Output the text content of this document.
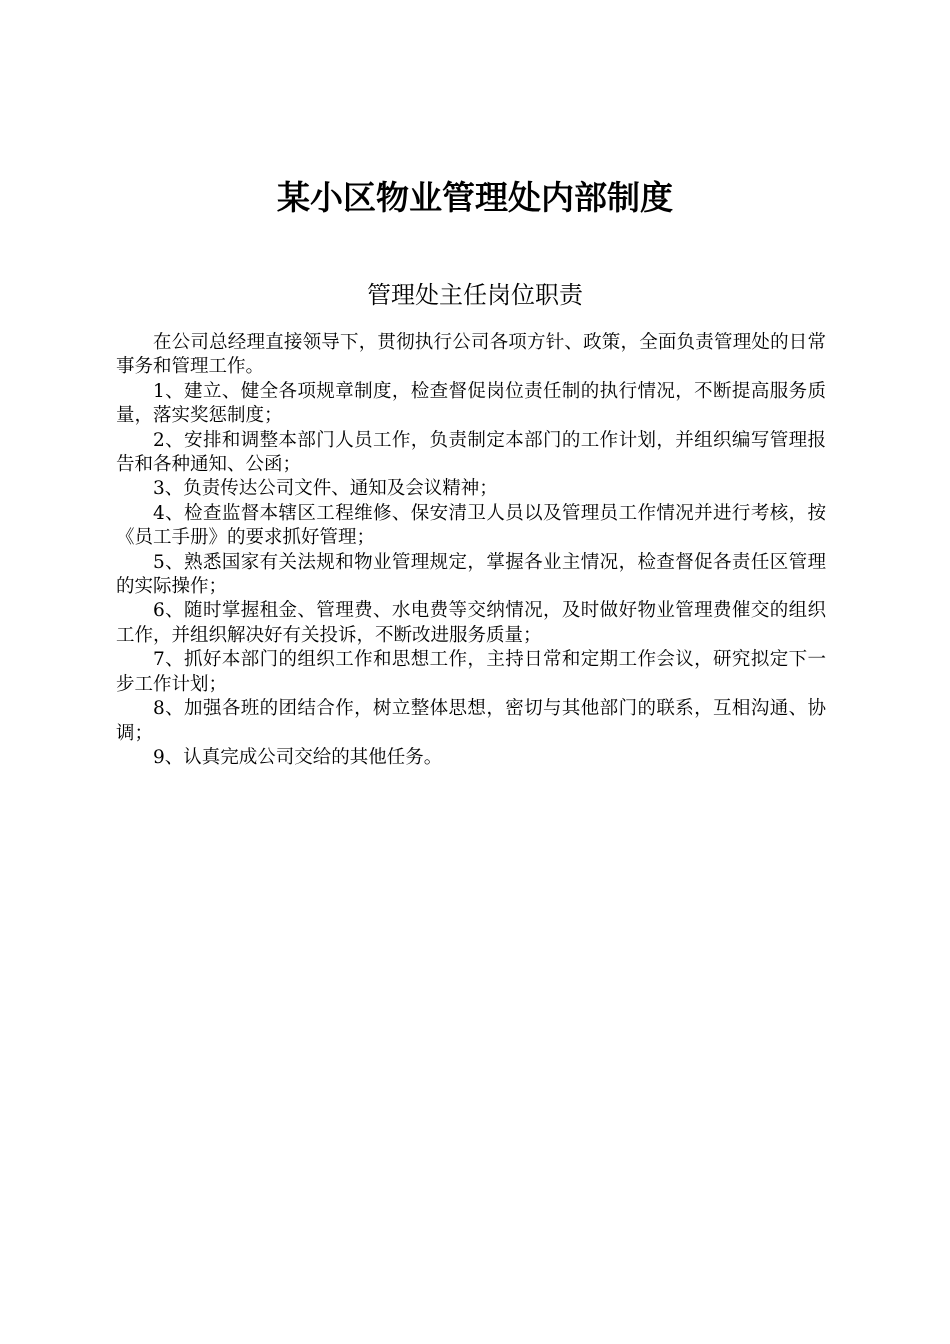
某小区物业管理处内部制度
管理处主任岗位职责

在公司总经理直接领导下，贯彻执行公司各项方针、政策，全面负责管理处的日常事务和管理工作。

1、建立、健全各项规章制度，检查督促岗位责任制的执行情况，不断提高服务质量，落实奖惩制度；

2、安排和调整本部门人员工作，负责制定本部门的工作计划，并组织编写管理报告和各种通知、公函；

3、负责传达公司文件、通知及会议精神；

4、检查监督本辖区工程维修、保安清卫人员以及管理员工作情况并进行考核，按《员工手册》的要求抓好管理；

5、熟悉国家有关法规和物业管理规定，掌握各业主情况，检查督促各责任区管理的实际操作；

6、随时掌握租金、管理费、水电费等交纳情况，及时做好物业管理费催交的组织工作，并组织解决好有关投诉，不断改进服务质量；

7、抓好本部门的组织工作和思想工作，主持日常和定期工作会议，研究拟定下一步工作计划；

8、加强各班的团结合作，树立整体思想，密切与其他部门的联系，互相沟通、协调；

9、认真完成公司交给的其他任务。
